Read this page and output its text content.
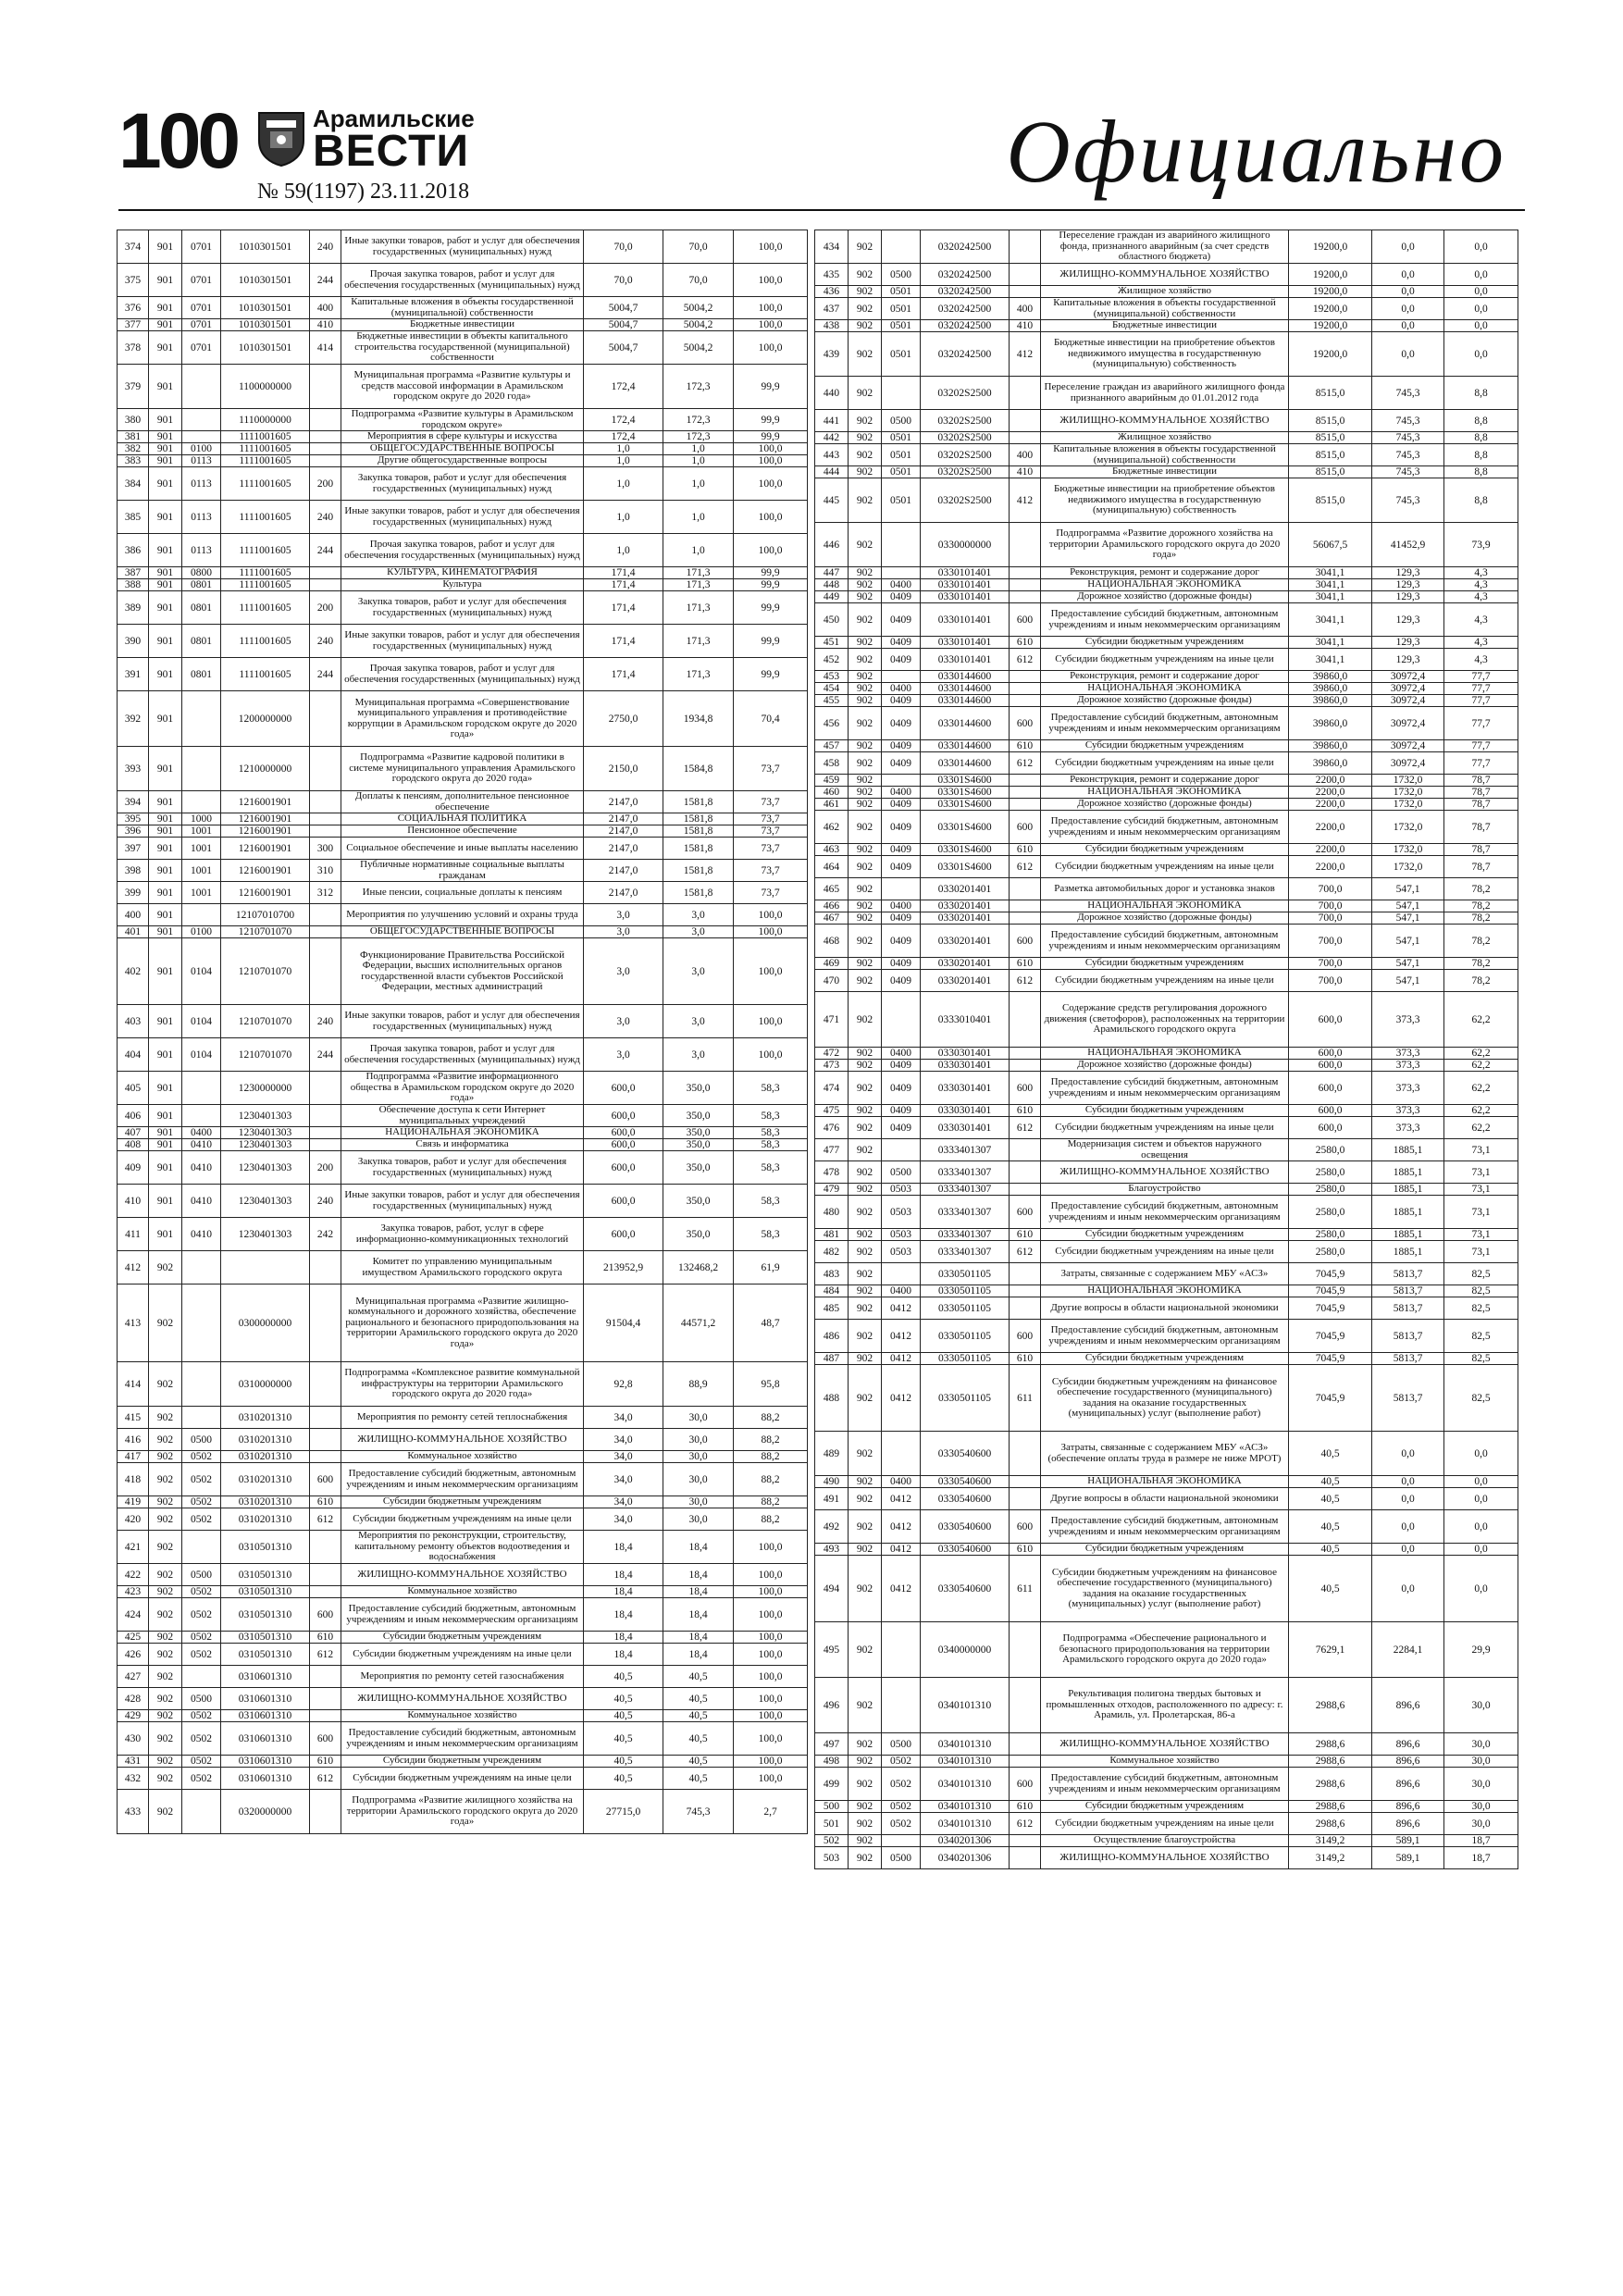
100	Арамильские
ВЕСТИ
№ 59(1197) 23.11.2018	Официально
374	901	0701	1010301501	240	Иные закупки товаров, работ и услуг для обеспечения государственных (муниципальных) нужд	70,0	70,0	100,0
375	901	0701	1010301501	244	Прочая закупка товаров, работ и услуг для обеспечения государственных (муниципальных) нужд	70,0	70,0	100,0
376	901	0701	1010301501	400	Капитальные вложения в объекты государственной (муниципальной) собственности	5004,7	5004,2	100,0
377	901	0701	1010301501	410	Бюджетные инвестиции	5004,7	5004,2	100,0
378	901	0701	1010301501	414	Бюджетные инвестиции в объекты капитального строительства государственной (муниципальной) собственности	5004,7	5004,2	100,0
379	901		1100000000		Муниципальная программа «Развитие культуры и средств массовой информации в Арамильском городском округе до 2020 года»	172,4	172,3	99,9
380	901		1110000000		Подпрограмма «Развитие культуры в Арамильском городском округе»	172,4	172,3	99,9
381	901		1111001605		Мероприятия в сфере культуры и искусства	172,4	172,3	99,9
382	901	0100	1111001605		ОБЩЕГОСУДАРСТВЕННЫЕ ВОПРОСЫ	1,0	1,0	100,0
383	901	0113	1111001605		Другие общегосударственные вопросы	1,0	1,0	100,0
384	901	0113	1111001605	200	Закупка товаров, работ и услуг для обеспечения государственных (муниципальных) нужд	1,0	1,0	100,0
385	901	0113	1111001605	240	Иные закупки товаров, работ и услуг для обеспечения государственных (муниципальных) нужд	1,0	1,0	100,0
386	901	0113	1111001605	244	Прочая закупка товаров, работ и услуг для обеспечения государственных (муниципальных) нужд	1,0	1,0	100,0
387	901	0800	1111001605		КУЛЬТУРА, КИНЕМАТОГРАФИЯ	171,4	171,3	99,9
388	901	0801	1111001605		Культура	171,4	171,3	99,9
389	901	0801	1111001605	200	Закупка товаров, работ и услуг для обеспечения государственных (муниципальных) нужд	171,4	171,3	99,9
390	901	0801	1111001605	240	Иные закупки товаров, работ и услуг для обеспечения государственных (муниципальных) нужд	171,4	171,3	99,9
391	901	0801	1111001605	244	Прочая закупка товаров, работ и услуг для обеспечения государственных (муниципальных) нужд	171,4	171,3	99,9
392	901		1200000000		Муниципальная программа «Совершенствование муниципального управления и противодействие коррупции в Арамильском городском округе до 2020 года»	2750,0	1934,8	70,4
393	901		1210000000		Подпрограмма «Развитие кадровой политики в системе муниципального управления Арамильского городского округа до 2020 года»	2150,0	1584,8	73,7
394	901		1216001901		Доплаты к пенсиям, дополнительное пенсионное обеспечение	2147,0	1581,8	73,7
395	901	1000	1216001901		СОЦИАЛЬНАЯ ПОЛИТИКА	2147,0	1581,8	73,7
396	901	1001	1216001901		Пенсионное обеспечение	2147,0	1581,8	73,7
397	901	1001	1216001901	300	Социальное обеспечение и иные выплаты населению	2147,0	1581,8	73,7
398	901	1001	1216001901	310	Публичные нормативные социальные выплаты гражданам	2147,0	1581,8	73,7
399	901	1001	1216001901	312	Иные пенсии, социальные доплаты к пенсиям	2147,0	1581,8	73,7
400	901		12107010700		Мероприятия по улучшению условий и охраны труда	3,0	3,0	100,0
401	901	0100	1210701070		ОБЩЕГОСУДАРСТВЕННЫЕ ВОПРОСЫ	3,0	3,0	100,0
402	901	0104	1210701070		Функционирование Правительства Российской Федерации, высших исполнительных органов государственной власти субъектов Российской Федерации, местных администраций	3,0	3,0	100,0
403	901	0104	1210701070	240	Иные закупки товаров, работ и услуг для обеспечения государственных (муниципальных) нужд	3,0	3,0	100,0
404	901	0104	1210701070	244	Прочая закупка товаров, работ и услуг для обеспечения государственных (муниципальных) нужд	3,0	3,0	100,0
405	901		1230000000		Подпрограмма «Развитие информационного общества в Арамильском городском округе до 2020 года»	600,0	350,0	58,3
406	901		1230401303		Обеспечение доступа к сети Интернет муниципальных учреждений	600,0	350,0	58,3
407	901	0400	1230401303		НАЦИОНАЛЬНАЯ ЭКОНОМИКА	600,0	350,0	58,3
408	901	0410	1230401303		Связь и информатика	600,0	350,0	58,3
409	901	0410	1230401303	200	Закупка товаров, работ и услуг для обеспечения государственных (муниципальных) нужд	600,0	350,0	58,3
410	901	0410	1230401303	240	Иные закупки товаров, работ и услуг для обеспечения государственных (муниципальных) нужд	600,0	350,0	58,3
411	901	0410	1230401303	242	Закупка товаров, работ, услуг в сфере информационно-коммуникационных технологий	600,0	350,0	58,3
412	902				Комитет по управлению муниципальным имуществом Арамильского городского округа	213952,9	132468,2	61,9
413	902		0300000000		Муниципальная программа «Развитие жилищно-коммунального и дорожного хозяйства, обеспечение рационального и безопасного природопользования на территории Арамильского городского округа до 2020 года»	91504,4	44571,2	48,7
414	902		0310000000		Подпрограмма «Комплексное развитие коммунальной инфраструктуры на территории Арамильского городского округа до 2020 года»	92,8	88,9	95,8
415	902		0310201310		Мероприятия по ремонту сетей теплоснабжения	34,0	30,0	88,2
416	902	0500	0310201310		ЖИЛИЩНО-КОММУНАЛЬНОЕ ХОЗЯЙСТВО	34,0	30,0	88,2
417	902	0502	0310201310		Коммунальное хозяйство	34,0	30,0	88,2
418	902	0502	0310201310	600	Предоставление субсидий бюджетным, автономным учреждениям и иным некоммерческим организациям	34,0	30,0	88,2
419	902	0502	0310201310	610	Субсидии бюджетным учреждениям	34,0	30,0	88,2
420	902	0502	0310201310	612	Субсидии бюджетным учреждениям на иные цели	34,0	30,0	88,2
421	902		0310501310		Мероприятия по реконструкции, строительству, капитальному ремонту объектов водоотведения и водоснабжения	18,4	18,4	100,0
422	902	0500	0310501310		ЖИЛИЩНО-КОММУНАЛЬНОЕ ХОЗЯЙСТВО	18,4	18,4	100,0
423	902	0502	0310501310		Коммунальное хозяйство	18,4	18,4	100,0
424	902	0502	0310501310	600	Предоставление субсидий бюджетным, автономным учреждениям и иным некоммерческим организациям	18,4	18,4	100,0
425	902	0502	0310501310	610	Субсидии бюджетным учреждениям	18,4	18,4	100,0
426	902	0502	0310501310	612	Субсидии бюджетным учреждениям на иные цели	18,4	18,4	100,0
427	902		0310601310		Мероприятия по ремонту сетей газоснабжения	40,5	40,5	100,0
428	902	0500	0310601310		ЖИЛИЩНО-КОММУНАЛЬНОЕ ХОЗЯЙСТВО	40,5	40,5	100,0
429	902	0502	0310601310		Коммунальное хозяйство	40,5	40,5	100,0
430	902	0502	0310601310	600	Предоставление субсидий бюджетным, автономным учреждениям и иным некоммерческим организациям	40,5	40,5	100,0
431	902	0502	0310601310	610	Субсидии бюджетным учреждениям	40,5	40,5	100,0
432	902	0502	0310601310	612	Субсидии бюджетным учреждениям на иные цели	40,5	40,5	100,0
433	902		0320000000		Подпрограмма «Развитие жилищного хозяйства на территории Арамильского городского округа до 2020 года»	27715,0	745,3	2,7
434	902		0320242500		Переселение граждан из аварийного жилищного фонда, признанного аварийным (за счет средств областного бюджета)	19200,0	0,0	0,0
435	902	0500	0320242500		ЖИЛИЩНО-КОММУНАЛЬНОЕ ХОЗЯЙСТВО	19200,0	0,0	0,0
436	902	0501	0320242500		Жилищное хозяйство	19200,0	0,0	0,0
437	902	0501	0320242500	400	Капитальные вложения в объекты государственной (муниципальной) собственности	19200,0	0,0	0,0
438	902	0501	0320242500	410	Бюджетные инвестиции	19200,0	0,0	0,0
439	902	0501	0320242500	412	Бюджетные инвестиции на приобретение объектов недвижимого имущества в государственную (муниципальную) собственность	19200,0	0,0	0,0
440	902		03202S2500		Переселение граждан из аварийного жилищного фонда признанного аварийным до 01.01.2012 года	8515,0	745,3	8,8
441	902	0500	03202S2500		ЖИЛИЩНО-КОММУНАЛЬНОЕ ХОЗЯЙСТВО	8515,0	745,3	8,8
442	902	0501	03202S2500		Жилищное хозяйство	8515,0	745,3	8,8
443	902	0501	03202S2500	400	Капитальные вложения в объекты государственной (муниципальной) собственности	8515,0	745,3	8,8
444	902	0501	03202S2500	410	Бюджетные инвестиции	8515,0	745,3	8,8
445	902	0501	03202S2500	412	Бюджетные инвестиции на приобретение объектов недвижимого имущества в государственную (муниципальную) собственность	8515,0	745,3	8,8
446	902		0330000000		Подпрограмма «Развитие дорожного хозяйства на территории Арамильского городского округа до 2020 года»	56067,5	41452,9	73,9
447	902		0330101401		Реконструкция, ремонт и содержание дорог	3041,1	129,3	4,3
448	902	0400	0330101401		НАЦИОНАЛЬНАЯ ЭКОНОМИКА	3041,1	129,3	4,3
449	902	0409	0330101401		Дорожное хозяйство (дорожные фонды)	3041,1	129,3	4,3
450	902	0409	0330101401	600	Предоставление субсидий бюджетным, автономным учреждениям и иным некоммерческим организациям	3041,1	129,3	4,3
451	902	0409	0330101401	610	Субсидии бюджетным учреждениям	3041,1	129,3	4,3
452	902	0409	0330101401	612	Субсидии бюджетным учреждениям на иные цели	3041,1	129,3	4,3
453	902		0330144600		Реконструкция, ремонт и содержание дорог	39860,0	30972,4	77,7
454	902	0400	0330144600		НАЦИОНАЛЬНАЯ ЭКОНОМИКА	39860,0	30972,4	77,7
455	902	0409	0330144600		Дорожное хозяйство (дорожные фонды)	39860,0	30972,4	77,7
456	902	0409	0330144600	600	Предоставление субсидий бюджетным, автономным учреждениям и иным некоммерческим организациям	39860,0	30972,4	77,7
457	902	0409	0330144600	610	Субсидии бюджетным учреждениям	39860,0	30972,4	77,7
458	902	0409	0330144600	612	Субсидии бюджетным учреждениям на иные цели	39860,0	30972,4	77,7
459	902		03301S4600		Реконструкция, ремонт и содержание дорог	2200,0	1732,0	78,7
460	902	0400	03301S4600		НАЦИОНАЛЬНАЯ ЭКОНОМИКА	2200,0	1732,0	78,7
461	902	0409	03301S4600		Дорожное хозяйство (дорожные фонды)	2200,0	1732,0	78,7
462	902	0409	03301S4600	600	Предоставление субсидий бюджетным, автономным учреждениям и иным некоммерческим организациям	2200,0	1732,0	78,7
463	902	0409	03301S4600	610	Субсидии бюджетным учреждениям	2200,0	1732,0	78,7
464	902	0409	03301S4600	612	Субсидии бюджетным учреждениям на иные цели	2200,0	1732,0	78,7
465	902		0330201401		Разметка автомобильных дорог и установка знаков	700,0	547,1	78,2
466	902	0400	0330201401		НАЦИОНАЛЬНАЯ ЭКОНОМИКА	700,0	547,1	78,2
467	902	0409	0330201401		Дорожное хозяйство (дорожные фонды)	700,0	547,1	78,2
468	902	0409	0330201401	600	Предоставление субсидий бюджетным, автономным учреждениям и иным некоммерческим организациям	700,0	547,1	78,2
469	902	0409	0330201401	610	Субсидии бюджетным учреждениям	700,0	547,1	78,2
470	902	0409	0330201401	612	Субсидии бюджетным учреждениям на иные цели	700,0	547,1	78,2
471	902		0333010401		Содержание средств регулирования дорожного движения (светофоров), расположенных на территории Арамильского городского округа	600,0	373,3	62,2
472	902	0400	0330301401		НАЦИОНАЛЬНАЯ ЭКОНОМИКА	600,0	373,3	62,2
473	902	0409	0330301401		Дорожное хозяйство (дорожные фонды)	600,0	373,3	62,2
474	902	0409	0330301401	600	Предоставление субсидий бюджетным, автономным учреждениям и иным некоммерческим организациям	600,0	373,3	62,2
475	902	0409	0330301401	610	Субсидии бюджетным учреждениям	600,0	373,3	62,2
476	902	0409	0330301401	612	Субсидии бюджетным учреждениям на иные цели	600,0	373,3	62,2
477	902		0333401307		Модернизация систем и объектов наружного освещения	2580,0	1885,1	73,1
478	902	0500	0333401307		ЖИЛИЩНО-КОММУНАЛЬНОЕ ХОЗЯЙСТВО	2580,0	1885,1	73,1
479	902	0503	0333401307		Благоустройство	2580,0	1885,1	73,1
480	902	0503	0333401307	600	Предоставление субсидий бюджетным, автономным учреждениям и иным некоммерческим организациям	2580,0	1885,1	73,1
481	902	0503	0333401307	610	Субсидии бюджетным учреждениям	2580,0	1885,1	73,1
482	902	0503	0333401307	612	Субсидии бюджетным учреждениям на иные цели	2580,0	1885,1	73,1
483	902		0330501105		Затраты, связанные с содержанием МБУ «АСЗ»	7045,9	5813,7	82,5
484	902	0400	0330501105		НАЦИОНАЛЬНАЯ ЭКОНОМИКА	7045,9	5813,7	82,5
485	902	0412	0330501105		Другие вопросы в области национальной экономики	7045,9	5813,7	82,5
486	902	0412	0330501105	600	Предоставление субсидий бюджетным, автономным учреждениям и иным некоммерческим организациям	7045,9	5813,7	82,5
487	902	0412	0330501105	610	Субсидии бюджетным учреждениям	7045,9	5813,7	82,5
488	902	0412	0330501105	611	Субсидии бюджетным учреждениям на финансовое обеспечение государственного (муниципального) задания на оказание государственных (муниципальных) услуг (выполнение работ)	7045,9	5813,7	82,5
489	902		0330540600		Затраты, связанные с содержанием МБУ «АСЗ» (обеспечение оплаты труда в размере не ниже МРОТ)	40,5	0,0	0,0
490	902	0400	0330540600		НАЦИОНАЛЬНАЯ ЭКОНОМИКА	40,5	0,0	0,0
491	902	0412	0330540600		Другие вопросы в области национальной экономики	40,5	0,0	0,0
492	902	0412	0330540600	600	Предоставление субсидий бюджетным, автономным учреждениям и иным некоммерческим организациям	40,5	0,0	0,0
493	902	0412	0330540600	610	Субсидии бюджетным учреждениям	40,5	0,0	0,0
494	902	0412	0330540600	611	Субсидии бюджетным учреждениям на финансовое обеспечение государственного (муниципального) задания на оказание государственных (муниципальных) услуг (выполнение работ)	40,5	0,0	0,0
495	902		0340000000		Подпрограмма «Обеспечение рационального и безопасного природопользования на территории Арамильского городского округа до 2020 года»	7629,1	2284,1	29,9
496	902		0340101310		Рекультивация полигона твердых бытовых и промышленных отходов, расположенного по адресу: г. Арамиль, ул. Пролетарская, 86-а	2988,6	896,6	30,0
497	902	0500	0340101310		ЖИЛИЩНО-КОММУНАЛЬНОЕ ХОЗЯЙСТВО	2988,6	896,6	30,0
498	902	0502	0340101310		Коммунальное хозяйство	2988,6	896,6	30,0
499	902	0502	0340101310	600	Предоставление субсидий бюджетным, автономным учреждениям и иным некоммерческим организациям	2988,6	896,6	30,0
500	902	0502	0340101310	610	Субсидии бюджетным учреждениям	2988,6	896,6	30,0
501	902	0502	0340101310	612	Субсидии бюджетным учреждениям на иные цели	2988,6	896,6	30,0
502	902		0340201306		Осуществление благоустройства	3149,2	589,1	18,7
503	902	0500	0340201306		ЖИЛИЩНО-КОММУНАЛЬНОЕ ХОЗЯЙСТВО	3149,2	589,1	18,7
